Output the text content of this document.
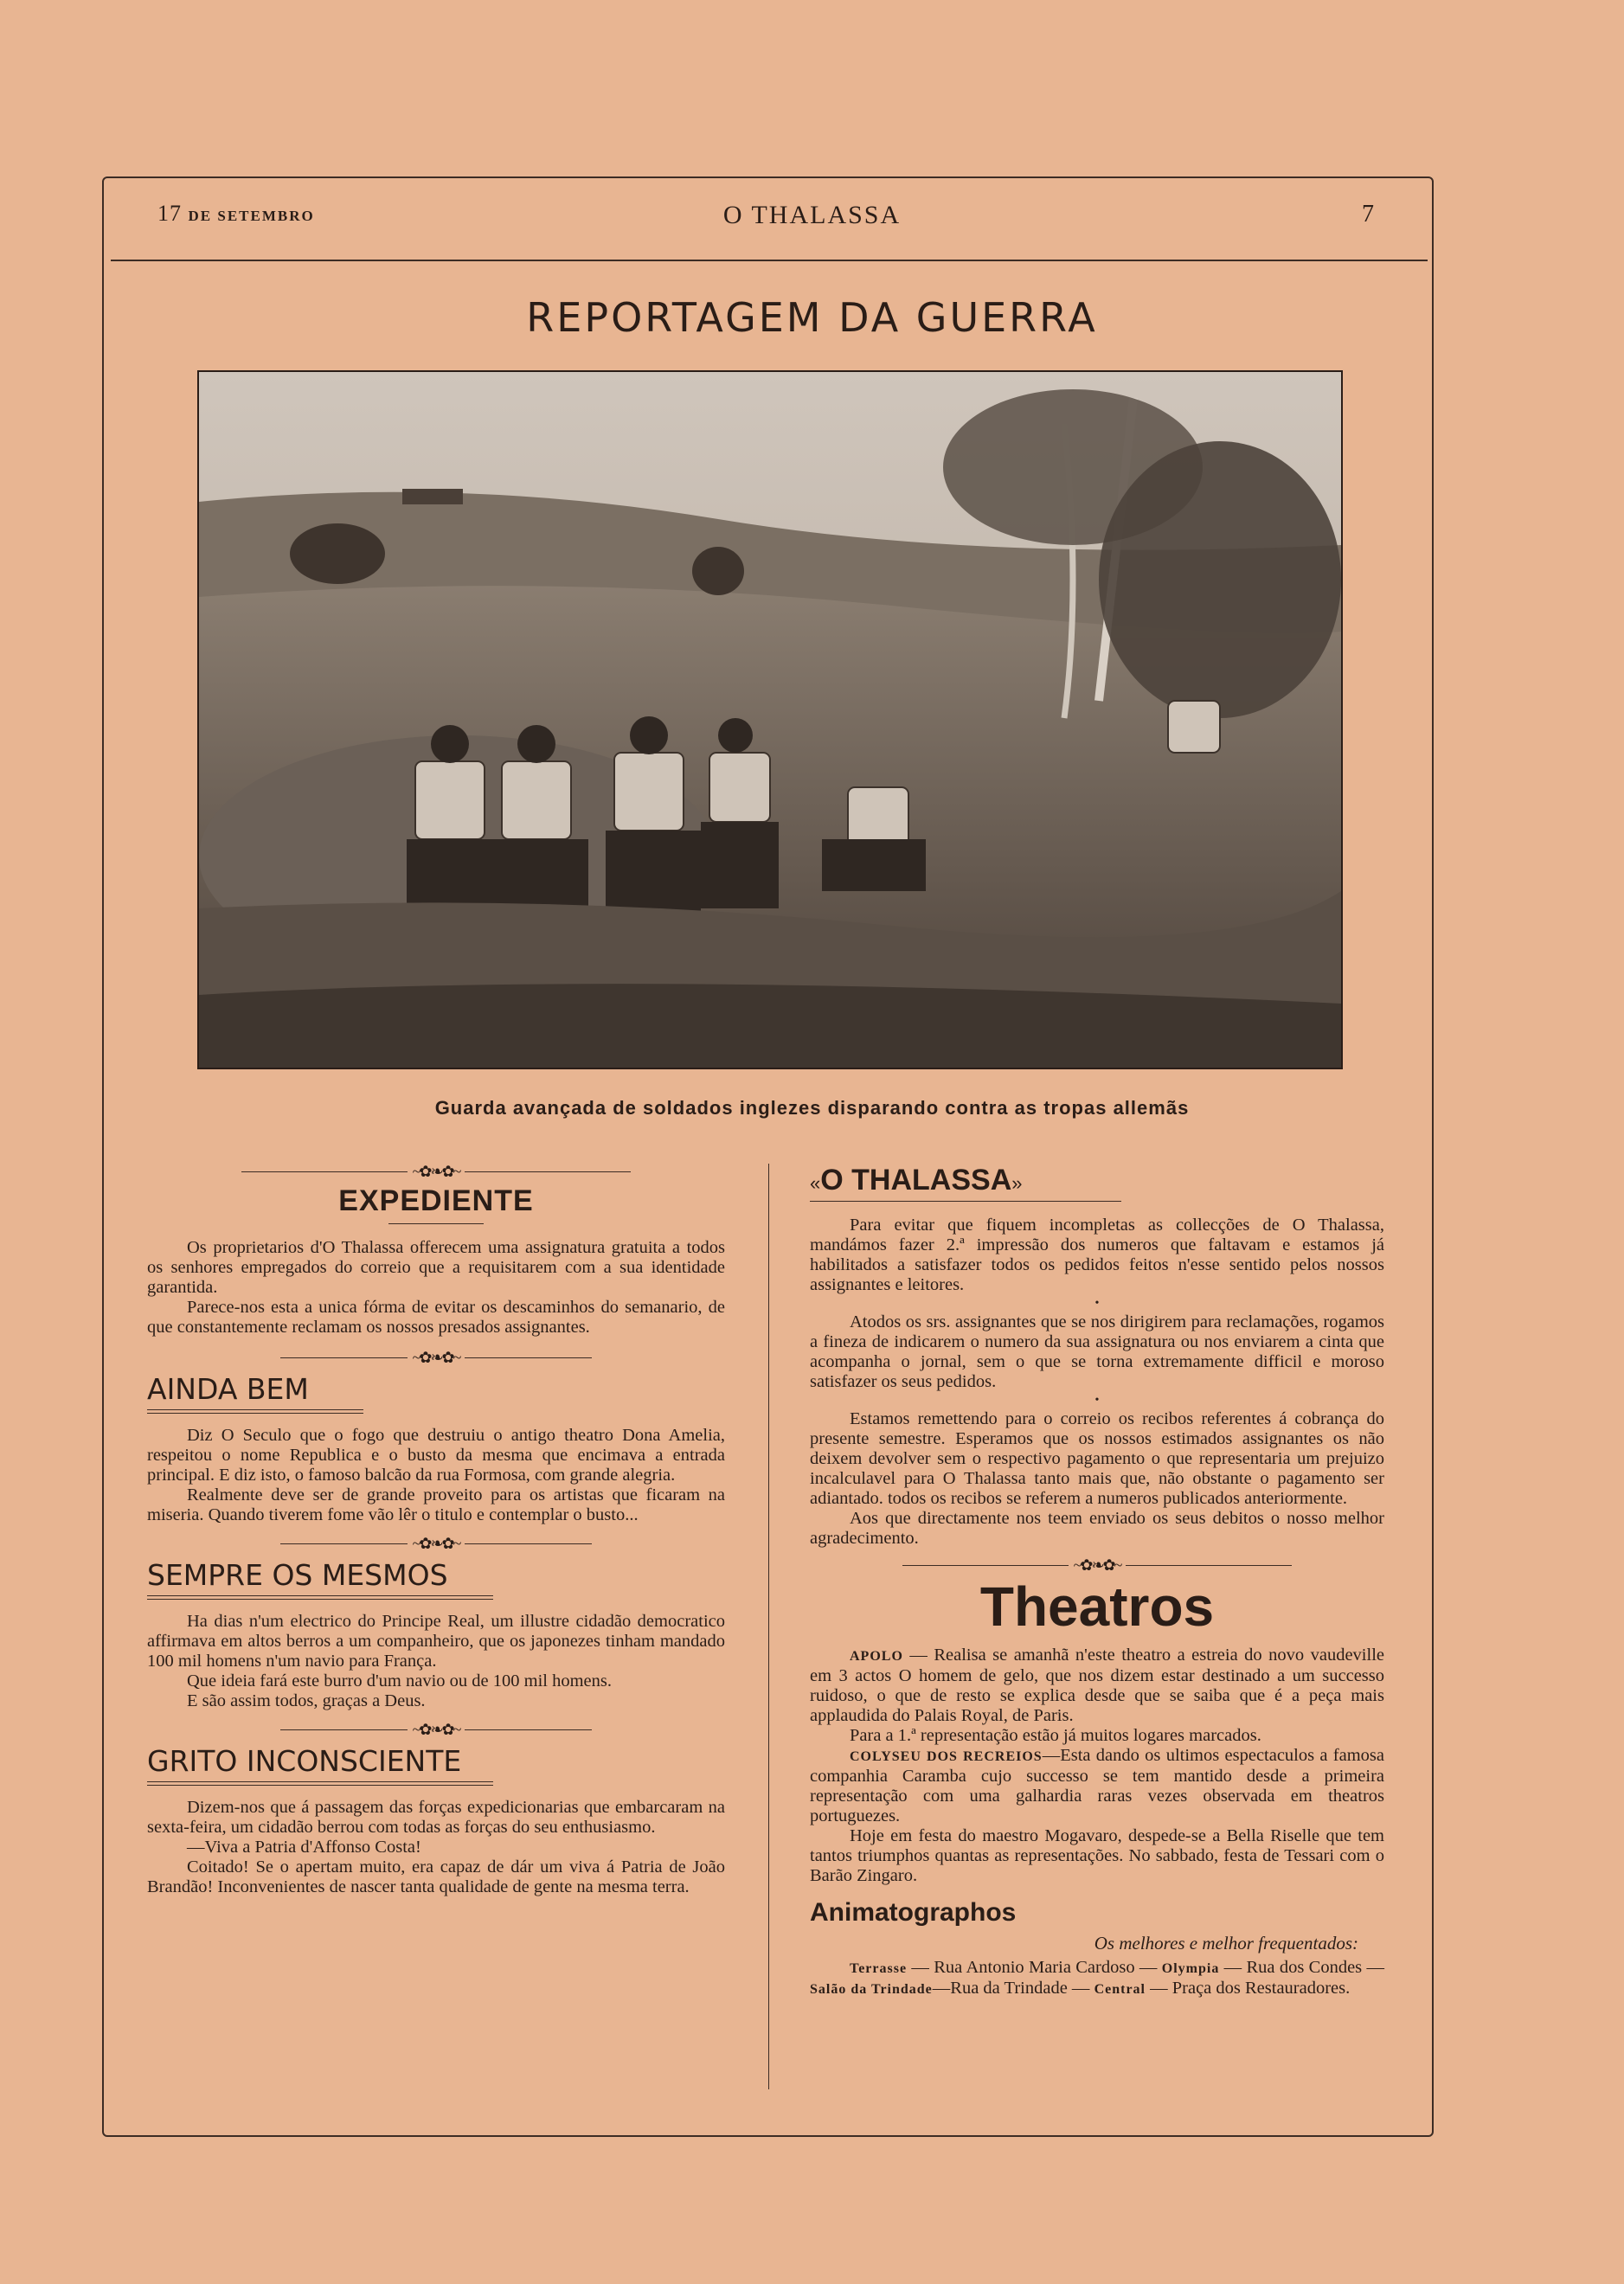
17 DE SETEMBRO	O THALASSA	7
REPORTAGEM DA GUERRA
Guarda avançada de soldados inglezes disparando contra as tropas allemãs
~✿❧✿~
EXPEDIENTE

Os proprietarios d'O Thalassa offerecem uma assignatura gratuita a todos os senhores empregados do correio que a requisitarem com a sua identidade garantida.

Parece-nos esta a unica fórma de evitar os descaminhos do semanario, de que constantemente reclamam os nossos presados assignantes.

~✿❧✿~
AINDA BEM

Diz O Seculo que o fogo que destruiu o antigo theatro Dona Amelia, respeitou o nome Republica e o busto da mesma que encimava a entrada principal. E diz isto, o famoso balcão da rua Formosa, com grande alegria.

Realmente deve ser de grande proveito para os artistas que ficaram na miseria. Quando tiverem fome vão lêr o titulo e contemplar o busto...

~✿❧✿~
SEMPRE OS MESMOS

Ha dias n'um electrico do Principe Real, um illustre cidadão democratico affirmava em altos berros a um companheiro, que os japonezes tinham mandado 100 mil homens n'um navio para França.

Que ideia fará este burro d'um navio ou de 100 mil homens.

E são assim todos, graças a Deus.

~✿❧✿~
GRITO INCONSCIENTE

Dizem-nos que á passagem das forças expedicionarias que embarcaram na sexta-feira, um cidadão berrou com todas as forças do seu enthusiasmo.

—Viva a Patria d'Affonso Costa!

Coitado! Se o apertam muito, era capaz de dár um viva á Patria de João Brandão! Inconvenientes de nascer tanta qualidade de gente na mesma terra.

«O THALASSA»

Para evitar que fiquem incompletas as collecções de O Thalassa, mandámos fazer 2.ª impressão dos numeros que faltavam e estamos já habilitados a satisfazer todos os pedidos feitos n'esse sentido pelos nossos assignantes e leitores.

•

Atodos os srs. assignantes que se nos dirigirem para reclamações, rogamos a fineza de indicarem o numero da sua assignatura ou nos enviarem a cinta que acompanha o jornal, sem o que se torna extremamente difficil e moroso satisfazer os seus pedidos.

•

Estamos remettendo para o correio os recibos referentes á cobrança do presente semestre. Esperamos que os nossos estimados assignantes os não deixem devolver sem o respectivo pagamento o que representaria um prejuizo incalculavel para O Thalassa tanto mais que, não obstante o pagamento ser adiantado. todos os recibos se referem a numeros publicados anteriormente.

Aos que directamente nos teem enviado os seus debitos o nosso melhor agradecimento.

~✿❧✿~
Theatros

APOLO — Realisa se amanhã n'este theatro a estreia do novo vaudeville em 3 actos O homem de gelo, que nos dizem estar destinado a um successo ruidoso, o que de resto se explica desde que se saiba que é a peça mais applaudida do Palais Royal, de Paris.

Para a 1.ª representação estão já muitos logares marcados.

COLYSEU DOS RECREIOS—Esta dando os ultimos espectaculos a famosa companhia Caramba cujo successo se tem mantido desde a primeira representação com uma galhardia raras vezes observada em theatros portuguezes.

Hoje em festa do maestro Mogavaro, despede-se a Bella Riselle que tem tantos triumphos quantas as representações. No sabbado, festa de Tessari com o Barão Zingaro.

Animatographos
Os melhores e melhor frequentados:

Terrasse — Rua Antonio Maria Cardoso — Olympia — Rua dos Condes — Salão da Trindade—Rua da Trindade — Central — Praça dos Restauradores.
